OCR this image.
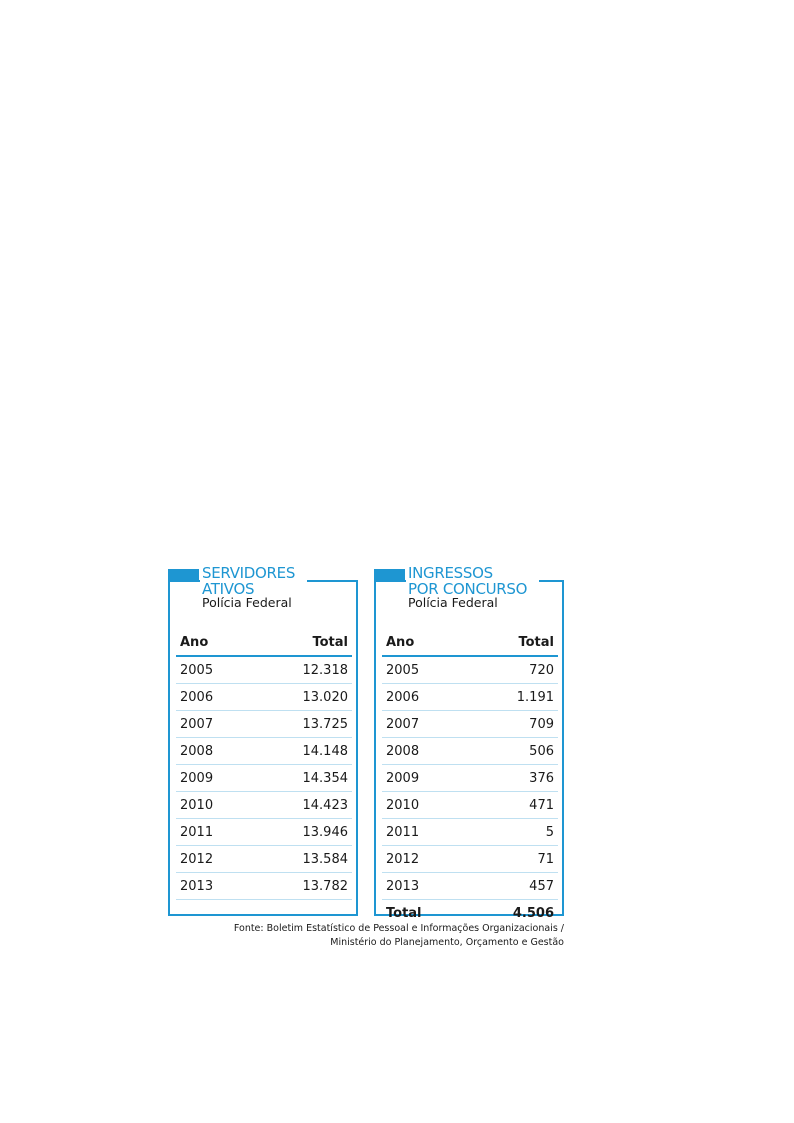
SERVIDORES
ATIVOS
Polícia Federal
Ano	Total
2005	12.318
2006	13.020
2007	13.725
2008	14.148
2009	14.354
2010	14.423
2011	13.946
2012	13.584
2013	13.782
INGRESSOS
POR CONCURSO
Polícia Federal
Ano	Total
2005	720
2006	1.191
2007	709
2008	506
2009	376
2010	471
2011	5
2012	71
2013	457
Total	4.506
Fonte: Boletim Estatístico de Pessoal e Informações Organizacionais /
Ministério do Planejamento, Orçamento e Gestão
